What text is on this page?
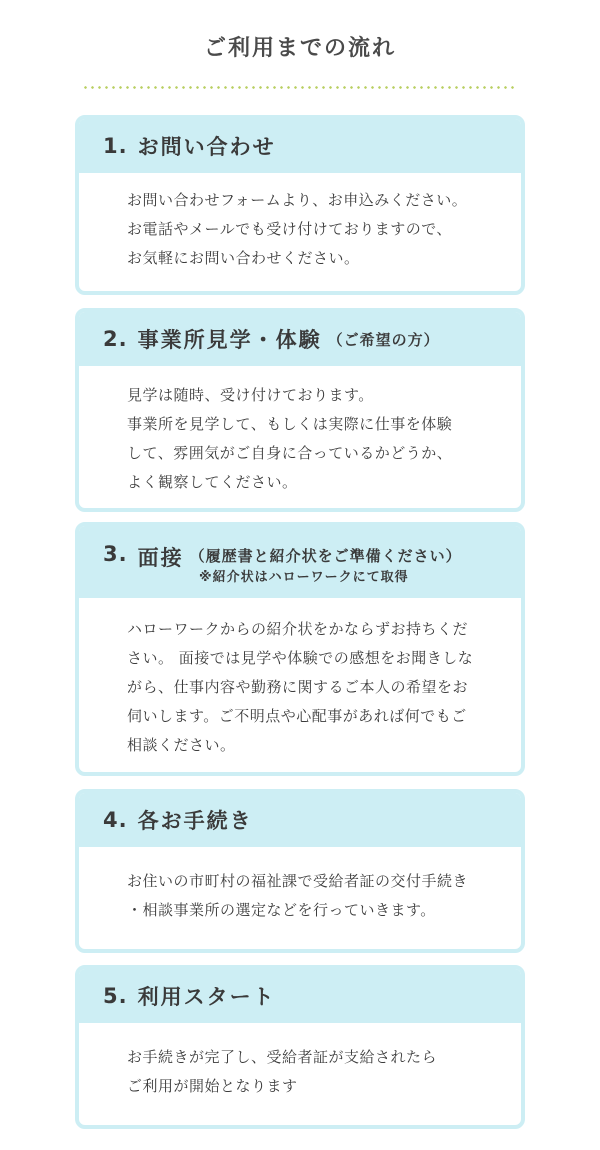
ご利用までの流れ
1. お問い合わせ

お問い合わせフォームより、お申込みください。

お電話やメールでも受け付けておりますので、

お気軽にお問い合わせください。

2. 事業所見学・体験 （ご希望の方）

見学は随時、受け付けております。

事業所を見学して、もしくは実際に仕事を体験

して、雰囲気がご自身に合っているかどうか、

よく観察してください。

3. 面接 （履歴書と紹介状をご準備ください）
※紹介状はハローワークにて取得

ハローワークからの紹介状をかならずお持ちくだ

さい。 面接では見学や体験での感想をお聞きしな

がら、仕事内容や勤務に関するご本人の希望をお

伺いします。ご不明点や心配事があれば何でもご

相談ください。

4. 各お手続き

お住いの市町村の福祉課で受給者証の交付手続き

・相談事業所の選定などを行っていきます。

5. 利用スタート

お手続きが完了し、受給者証が支給されたら

ご利用が開始となります
